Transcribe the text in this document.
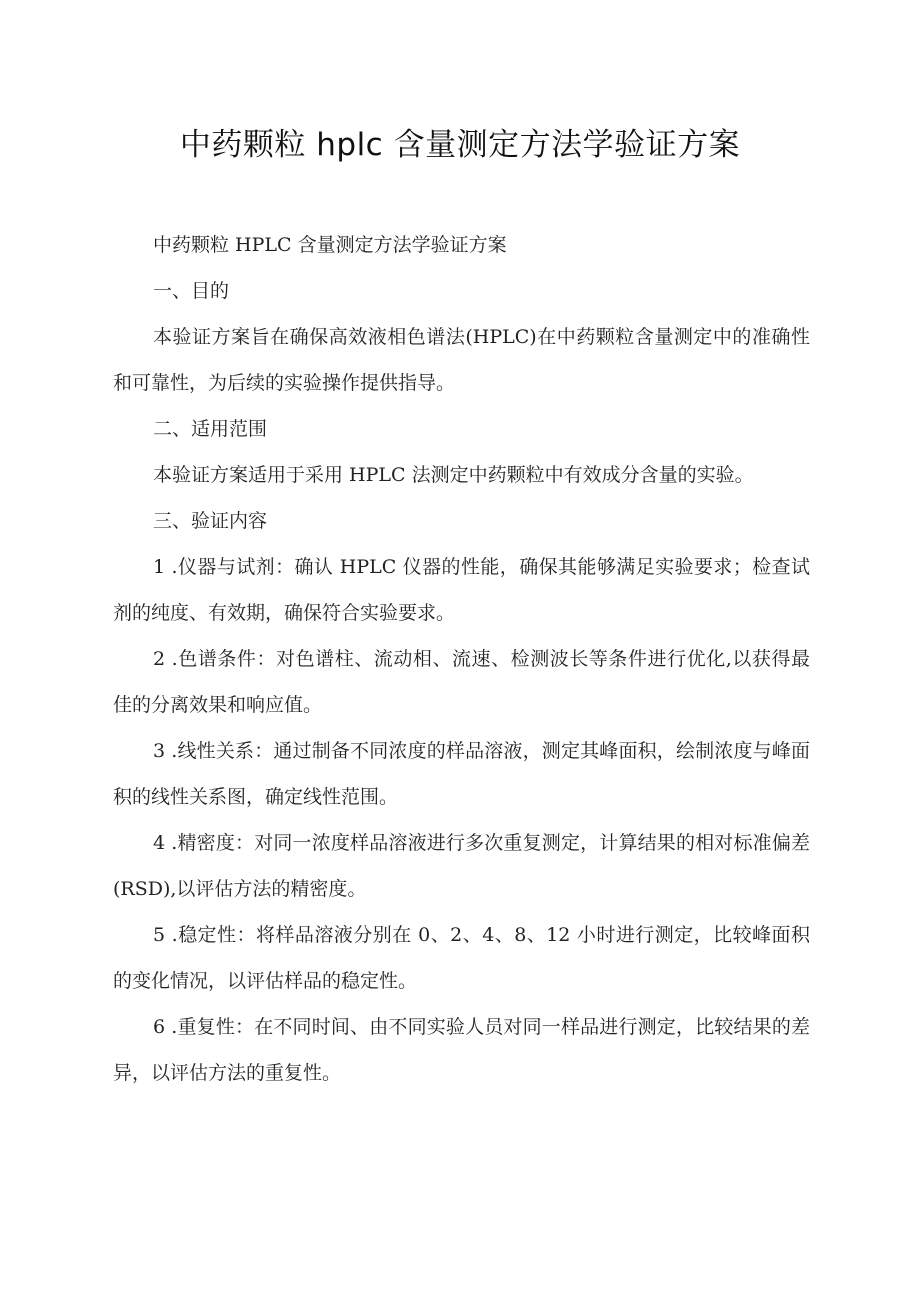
中药颗粒 hplc 含量测定方法学验证方案

中药颗粒 HPLC 含量测定方法学验证方案

一、目的

本验证方案旨在确保高效液相色谱法(HPLC)在中药颗粒含量测定中的准确性和可靠性，为后续的实验操作提供指导。

二、适用范围

本验证方案适用于采用 HPLC 法测定中药颗粒中有效成分含量的实验。

三、验证内容

1 .仪器与试剂：确认 HPLC 仪器的性能，确保其能够满足实验要求；检查试剂的纯度、有效期，确保符合实验要求。

2 .色谱条件：对色谱柱、流动相、流速、检测波长等条件进行优化,以获得最佳的分离效果和响应值。

3 .线性关系：通过制备不同浓度的样品溶液，测定其峰面积，绘制浓度与峰面积的线性关系图，确定线性范围。

4 .精密度：对同一浓度样品溶液进行多次重复测定，计算结果的相对标准偏差(RSD),以评估方法的精密度。

5 .稳定性：将样品溶液分别在 0、2、4、8、12 小时进行测定，比较峰面积的变化情况，以评估样品的稳定性。

6 .重复性：在不同时间、由不同实验人员对同一样品进行测定，比较结果的差异，以评估方法的重复性。
